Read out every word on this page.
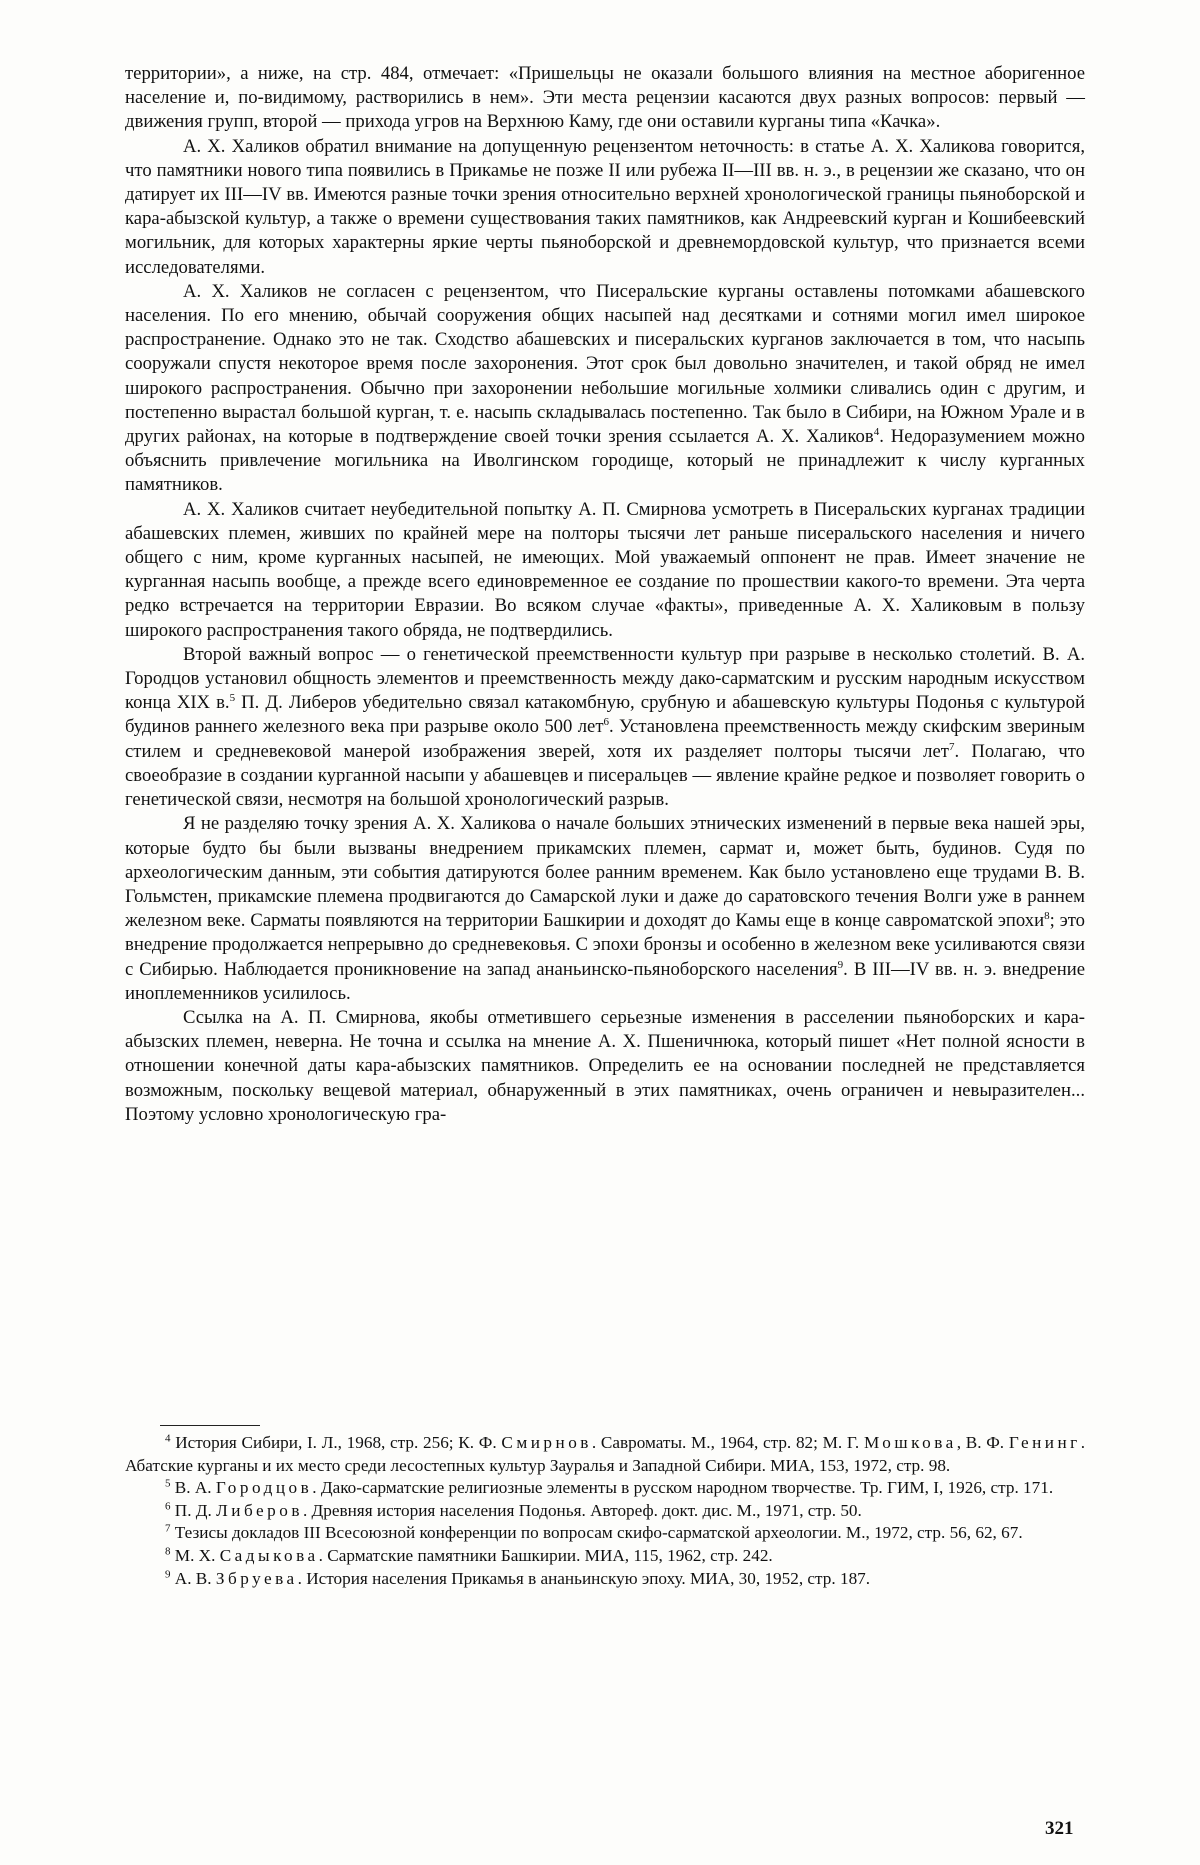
территории», а ниже, на стр. 484, отмечает: «Пришельцы не оказали большого влияния на местное аборигенное население и, по-видимому, растворились в нем». Эти места рецензии касаются двух разных вопросов: первый — движения групп, второй — прихода угров на Верхнюю Каму, где они оставили курганы типа «Качка».

А. Х. Халиков обратил внимание на допущенную рецензентом неточность: в статье А. Х. Халикова говорится, что памятники нового типа появились в Прикамье не позже II или рубежа II—III вв. н. э., в рецензии же сказано, что он датирует их III—IV вв. Имеются разные точки зрения относительно верхней хронологической границы пьяноборской и кара-абызской культур, а также о времени существования таких памятников, как Андреевский курган и Кошибеевский могильник, для которых характерны яркие черты пьяноборской и древнемордовской культур, что признается всеми исследователями.

А. Х. Халиков не согласен с рецензентом, что Писеральские курганы оставлены потомками абашевского населения. По его мнению, обычай сооружения общих насыпей над десятками и сотнями могил имел широкое распространение. Однако это не так. Сходство абашевских и писеральских курганов заключается в том, что насыпь сооружали спустя некоторое время после захоронения. Этот срок был довольно значителен, и такой обряд не имел широкого распространения. Обычно при захоронении небольшие могильные холмики сливались один с другим, и постепенно вырастал большой курган, т. е. насыпь складывалась постепенно. Так было в Сибири, на Южном Урале и в других районах, на которые в подтверждение своей точки зрения ссылается А. Х. Халиков$^4$. Недоразумением можно объяснить привлечение могильника на Иволгинском городище, который не принадлежит к числу курганных памятников.

А. Х. Халиков считает неубедительной попытку А. П. Смирнова усмотреть в Писеральских курганах традиции абашевских племен, живших по крайней мере на полторы тысячи лет раньше писеральского населения и ничего общего с ним, кроме курганных насыпей, не имеющих. Мой уважаемый оппонент не прав. Имеет значение не курганная насыпь вообще, а прежде всего единовременное ее создание по прошествии какого-то времени. Эта черта редко встречается на территории Евразии. Во всяком случае «факты», приведенные А. Х. Халиковым в пользу широкого распространения такого обряда, не подтвердились.

Второй важный вопрос — о генетической преемственности культур при разрыве в несколько столетий. В. А. Городцов установил общность элементов и преемственность между дако-сарматским и русским народным искусством конца XIX в.$^5$ П. Д. Либеров убедительно связал катакомбную, срубную и абашевскую культуры Подонья с культурой будинов раннего железного века при разрыве около 500 лет$^6$. Установлена преемственность между скифским звериным стилем и средневековой манерой изображения зверей, хотя их разделяет полторы тысячи лет$^7$. Полагаю, что своеобразие в создании курганной насыпи у абашевцев и писеральцев — явление крайне редкое и позволяет говорить о генетической связи, несмотря на большой хронологический разрыв.

Я не разделяю точку зрения А. Х. Халикова о начале больших этнических изменений в первые века нашей эры, которые будто бы были вызваны внедрением прикамских племен, сармат и, может быть, будинов. Судя по археологическим данным, эти события датируются более ранним временем. Как было установлено еще трудами В. В. Гольмстен, прикамские племена продвигаются до Самарской луки и даже до саратовского течения Волги уже в раннем железном веке. Сарматы появляются на территории Башкирии и доходят до Камы еще в конце савроматской эпохи$^8$; это внедрение продолжается непрерывно до средневековья. С эпохи бронзы и особенно в железном веке усиливаются связи с Сибирью. Наблюдается проникновение на запад ананьинско-пьяноборского населения$^9$. В III—IV вв. н. э. внедрение иноплеменников усилилось.

Ссылка на А. П. Смирнова, якобы отметившего серьезные изменения в расселении пьяноборских и кара-абызских племен, неверна. Не точна и ссылка на мнение А. Х. Пшеничнюка, который пишет «Нет полной ясности в отношении конечной даты кара-абызских памятников. Определить ее на основании последней не представляется возможным, поскольку вещевой материал, обнаруженный в этих памятниках, очень ограничен и невыразителен... Поэтому условно хронологическую гра-

$^4$ История Сибири, I. Л., 1968, стр. 256; К. Ф. Смирнов. Савроматы. М., 1964, стр. 82; М. Г. Мошкова, В. Ф. Генинг. Абатские курганы и их место среди лесостепных культур Зауралья и Западной Сибири. МИА, 153, 1972, стр. 98.

$^5$ В. А. Городцов. Дако-сарматские религиозные элементы в русском народном творчестве. Тр. ГИМ, I, 1926, стр. 171.

$^6$ П. Д. Либеров. Древняя история населения Подонья. Автореф. докт. дис. М., 1971, стр. 50.

$^7$ Тезисы докладов III Всесоюзной конференции по вопросам скифо-сарматской археологии. М., 1972, стр. 56, 62, 67.

$^8$ М. Х. Садыкова. Сарматские памятники Башкирии. МИА, 115, 1962, стр. 242.

$^9$ А. В. Збруева. История населения Прикамья в ананьинскую эпоху. МИА, 30, 1952, стр. 187.

321
